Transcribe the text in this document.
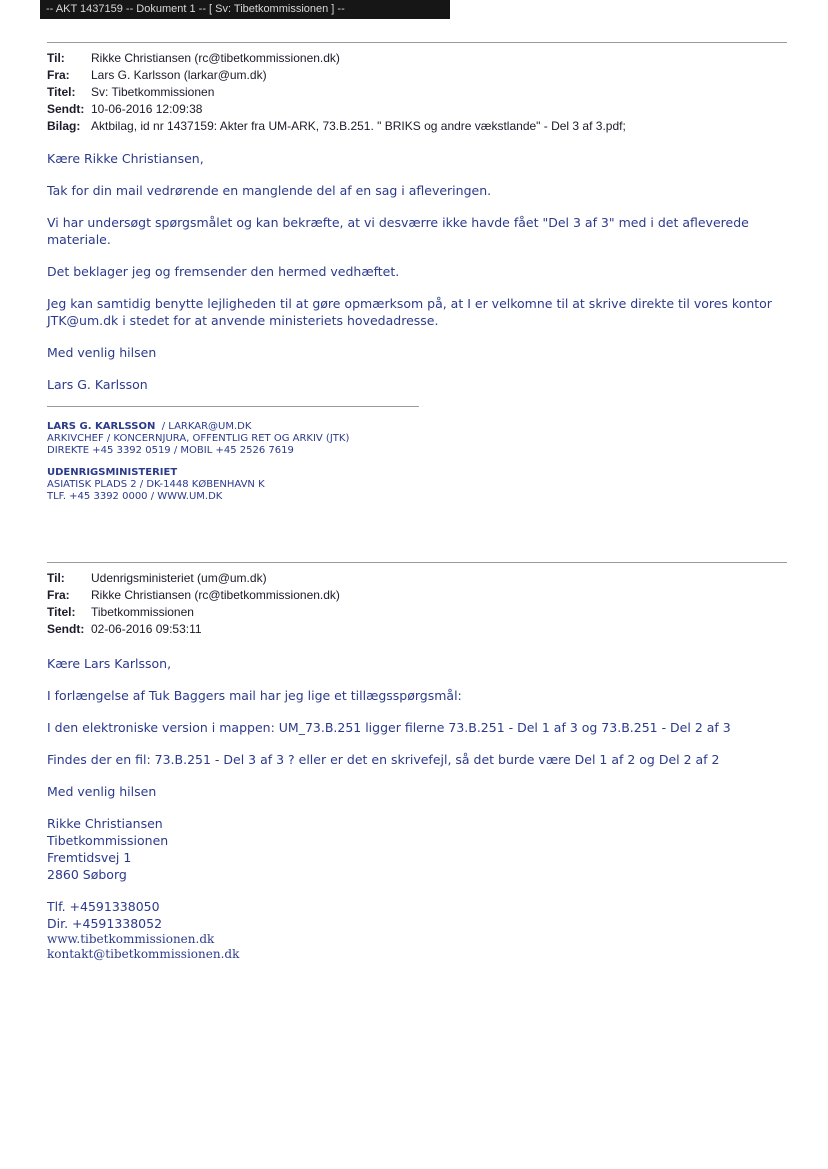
-- AKT 1437159 -- Dokument 1 -- [ Sv: Tibetkommissionen ] --
Til: Rikke Christiansen (rc@tibetkommissionen.dk)
Fra: Lars G. Karlsson (larkar@um.dk)
Titel: Sv: Tibetkommissionen
Sendt: 10-06-2016 12:09:38
Bilag: Aktbilag, id nr 1437159: Akter fra UM-ARK, 73.B.251. " BRIKS og andre vækstlande" - Del 3 af 3.pdf;

Kære Rikke Christiansen,

Tak for din mail vedrørende en manglende del af en sag i afleveringen.

Vi har undersøgt spørgsmålet og kan bekræfte, at vi desværre ikke havde fået "Del 3 af 3" med i det afleverede materiale.

Det beklager jeg og fremsender den hermed vedhæftet.

Jeg kan samtidig benytte lejligheden til at gøre opmærksom på, at I er velkomne til at skrive direkte til vores kontor JTK@um.dk i stedet for at anvende ministeriets hovedadresse.

Med venlig hilsen

Lars G. Karlsson

LARS G. KARLSSON / LARKAR@UM.DK
ARKIVCHEF / KONCERNJURA, OFFENTLIG RET OG ARKIV (JTK)
DIREKTE +45 3392 0519 / MOBIL +45 2526 7619
UDENRIGSMINISTERIET
ASIATISK PLADS 2 / DK-1448 KØBENHAVN K
TLF. +45 3392 0000 / WWW.UM.DK
Til: Udenrigsministeriet (um@um.dk)
Fra: Rikke Christiansen (rc@tibetkommissionen.dk)
Titel: Tibetkommissionen
Sendt: 02-06-2016 09:53:11

Kære Lars Karlsson,

I forlængelse af Tuk Baggers mail har jeg lige et tillægsspørgsmål:

I den elektroniske version i mappen: UM_73.B.251 ligger filerne 73.B.251 - Del 1 af 3 og 73.B.251 - Del 2 af 3

Findes der en fil: 73.B.251 - Del 3 af 3 ? eller er det en skrivefejl, så det burde være Del 1 af 2 og Del 2 af 2

Med venlig hilsen

Rikke Christiansen

Tibetkommissionen

Fremtidsvej 1

2860 Søborg

Tlf. +4591338050

Dir. +4591338052

www.tibetkommissionen.dk

kontakt@tibetkommissionen.dk
